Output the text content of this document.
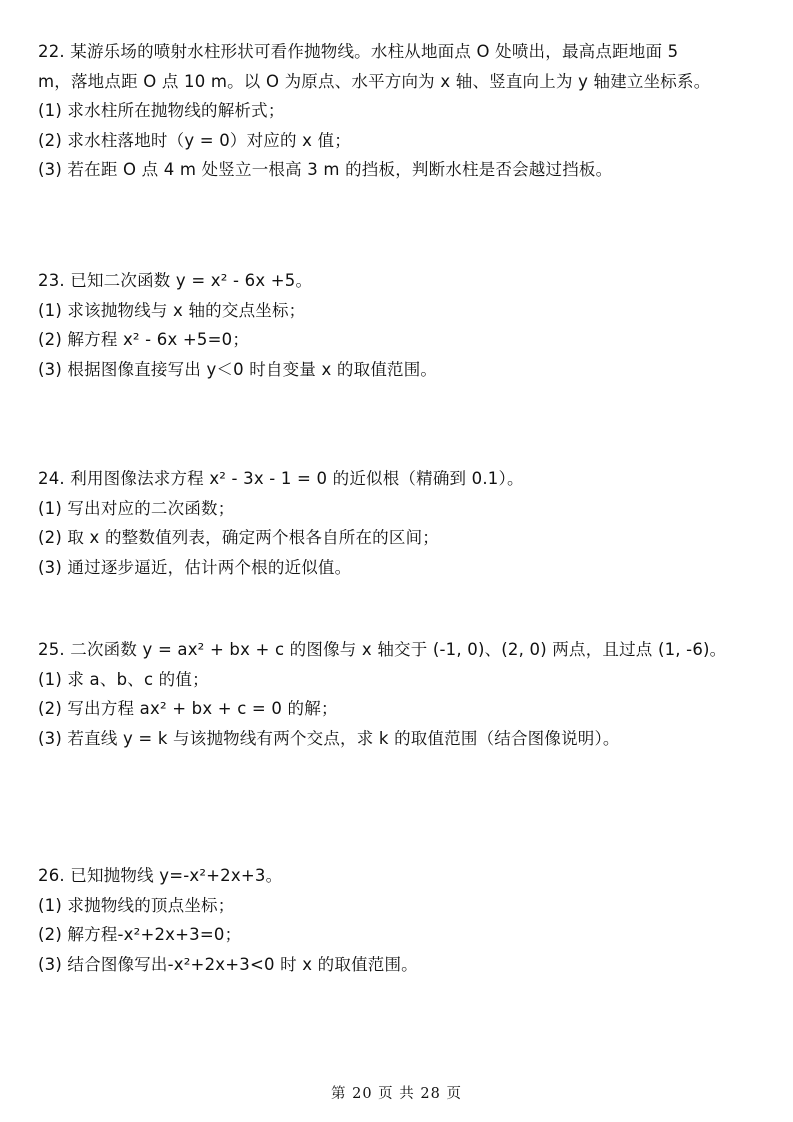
22. 某游乐场的喷射水柱形状可看作抛物线。水柱从地面点 O 处喷出，最高点距地面 5
m，落地点距 O 点 10 m。以 O 为原点、水平方向为 x 轴、竖直向上为 y 轴建立坐标系。
(1) 求水柱所在抛物线的解析式；
(2) 求水柱落地时（y = 0）对应的 x 值；
(3) 若在距 O 点 4 m 处竖立一根高 3 m 的挡板，判断水柱是否会越过挡板。
23. 已知二次函数 y = x² - 6x +5。
(1) 求该抛物线与 x 轴的交点坐标；
(2) 解方程 x² - 6x +5=0；
(3) 根据图像直接写出 y＜0 时自变量 x 的取值范围。
24. 利用图像法求方程 x² - 3x - 1 = 0 的近似根（精确到 0.1）。
(1) 写出对应的二次函数；
(2) 取 x 的整数值列表，确定两个根各自所在的区间；
(3) 通过逐步逼近，估计两个根的近似值。
25. 二次函数 y = ax² + bx + c 的图像与 x 轴交于 (-1, 0)、(2, 0) 两点，且过点 (1, -6)。
(1) 求 a、b、c 的值；
(2) 写出方程 ax² + bx + c = 0 的解；
(3) 若直线 y = k 与该抛物线有两个交点，求 k 的取值范围（结合图像说明）。
26. 已知抛物线 y=-x²+2x+3。
(1) 求抛物线的顶点坐标；
(2) 解方程-x²+2x+3=0；
(3) 结合图像写出-x²+2x+3<0 时 x 的取值范围。
第 20 页 共 28 页
